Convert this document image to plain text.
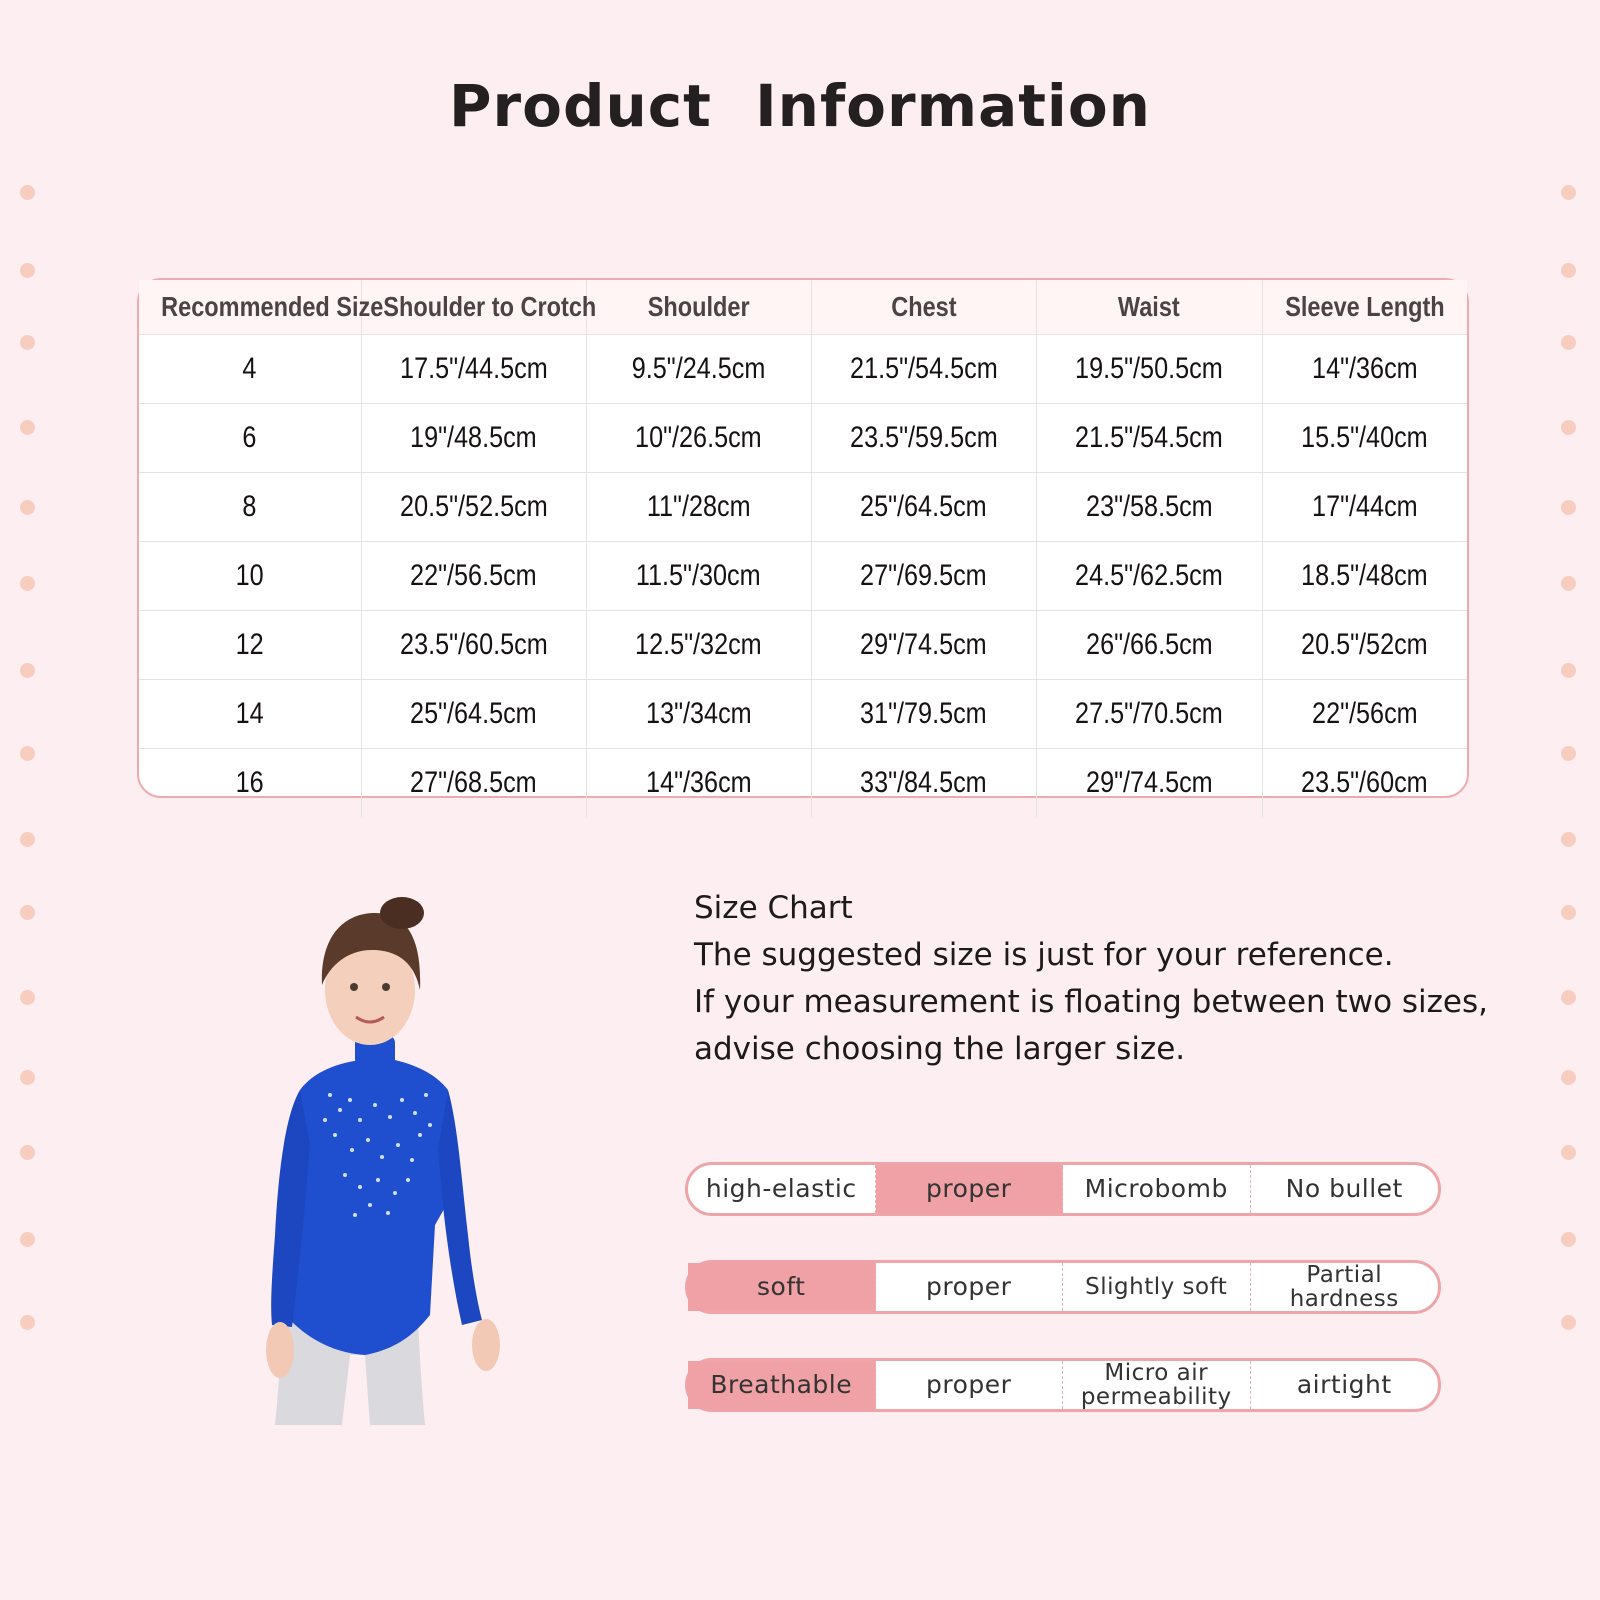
Product Information
Recommended Size	Shoulder to Crotch	Shoulder	Chest	Waist	Sleeve Length
4	17.5"/44.5cm	9.5"/24.5cm	21.5"/54.5cm	19.5"/50.5cm	14"/36cm
6	19"/48.5cm	10"/26.5cm	23.5"/59.5cm	21.5"/54.5cm	15.5"/40cm
8	20.5"/52.5cm	11"/28cm	25"/64.5cm	23"/58.5cm	17"/44cm
10	22"/56.5cm	11.5"/30cm	27"/69.5cm	24.5"/62.5cm	18.5"/48cm
12	23.5"/60.5cm	12.5"/32cm	29"/74.5cm	26"/66.5cm	20.5"/52cm
14	25"/64.5cm	13"/34cm	31"/79.5cm	27.5"/70.5cm	22"/56cm
16	27"/68.5cm	14"/36cm	33"/84.5cm	29"/74.5cm	23.5"/60cm
Size Chart
The suggested size is just for your reference.
If your measurement is floating between two sizes,
advise choosing the larger size.
high-elastic	proper	Microbomb	No bullet
soft	proper	Slightly soft	Partial hardness
Breathable	proper	Micro air permeability	airtight
